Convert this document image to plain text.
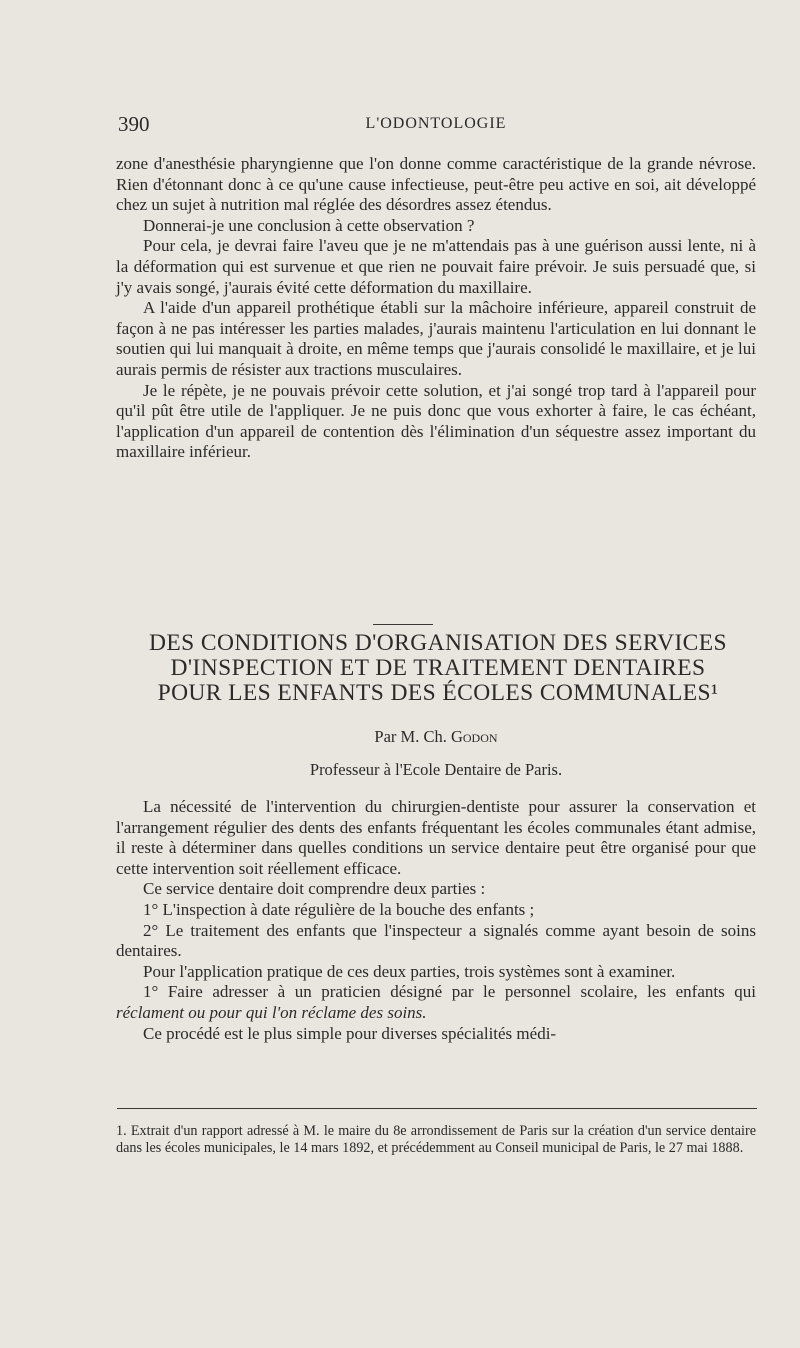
390	L'ODONTOLOGIE

zone d'anesthésie pharyngienne que l'on donne comme caractéristique de la grande névrose. Rien d'étonnant donc à ce qu'une cause infectieuse, peut-être peu active en soi, ait développé chez un sujet à nutrition mal réglée des désordres assez étendus.

Donnerai-je une conclusion à cette observation ?

Pour cela, je devrai faire l'aveu que je ne m'attendais pas à une guérison aussi lente, ni à la déformation qui est survenue et que rien ne pouvait faire prévoir. Je suis persuadé que, si j'y avais songé, j'aurais évité cette déformation du maxillaire.

A l'aide d'un appareil prothétique établi sur la mâchoire inférieure, appareil construit de façon à ne pas intéresser les parties malades, j'aurais maintenu l'articulation en lui donnant le soutien qui lui manquait à droite, en même temps que j'aurais consolidé le maxillaire, et je lui aurais permis de résister aux tractions musculaires.

Je le répète, je ne pouvais prévoir cette solution, et j'ai songé trop tard à l'appareil pour qu'il pût être utile de l'appliquer. Je ne puis donc que vous exhorter à faire, le cas échéant, l'application d'un appareil de contention dès l'élimination d'un séquestre assez important du maxillaire inférieur.

DES CONDITIONS D'ORGANISATION DES SERVICES
D'INSPECTION ET DE TRAITEMENT DENTAIRES
POUR LES ENFANTS DES ÉCOLES COMMUNALES¹
Par M. Ch. Godon
Professeur à l'Ecole Dentaire de Paris.

La nécessité de l'intervention du chirurgien-dentiste pour assurer la conservation et l'arrangement régulier des dents des enfants fréquentant les écoles communales étant admise, il reste à déterminer dans quelles conditions un service dentaire peut être organisé pour que cette intervention soit réellement efficace.

Ce service dentaire doit comprendre deux parties :

1° L'inspection à date régulière de la bouche des enfants ;

2° Le traitement des enfants que l'inspecteur a signalés comme ayant besoin de soins dentaires.

Pour l'application pratique de ces deux parties, trois systèmes sont à examiner.

1° Faire adresser à un praticien désigné par le personnel scolaire, les enfants qui réclament ou pour qui l'on réclame des soins.

Ce procédé est le plus simple pour diverses spécialités médi-

1. Extrait d'un rapport adressé à M. le maire du 8e arrondissement de Paris sur la création d'un service dentaire dans les écoles municipales, le 14 mars 1892, et précédemment au Conseil municipal de Paris, le 27 mai 1888.
